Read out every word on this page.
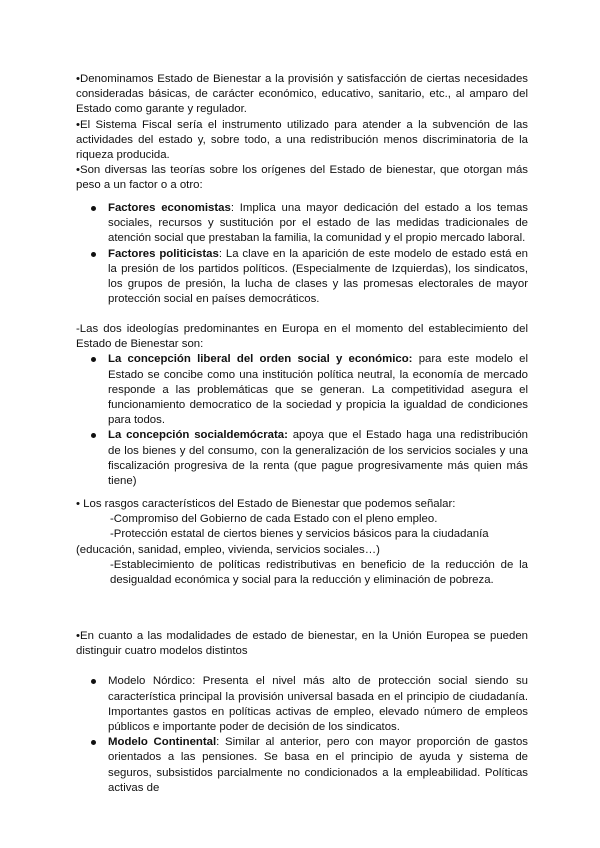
•Denominamos Estado de Bienestar a la provisión y satisfacción de ciertas necesidades consideradas básicas, de carácter económico, educativo, sanitario, etc., al amparo del Estado como garante y regulador.

•El Sistema Fiscal sería el instrumento utilizado para atender a la subvención de las actividades del estado y, sobre todo, a una redistribución menos discriminatoria de la riqueza producida.

•Son diversas las teorías sobre los orígenes del Estado de bienestar, que otorgan más peso a un factor o a otro:

Factores economistas: Implica una mayor dedicación del estado a los temas sociales, recursos y sustitución por el estado de las medidas tradicionales de atención social que prestaban la familia, la comunidad y el propio mercado laboral.
Factores politicistas: La clave en la aparición de este modelo de estado está en la presión de los partidos políticos. (Especialmente de Izquierdas), los sindicatos, los grupos de presión, la lucha de clases y las promesas electorales de mayor protección social en países democráticos.

-Las dos ideologías predominantes en Europa en el momento del establecimiento del Estado de Bienestar son:

La concepción liberal del orden social y económico: para este modelo el Estado se concibe como una institución política neutral, la economía de mercado responde a las problemáticas que se generan. La competitividad asegura el funcionamiento democratico de la sociedad y propicia la igualdad de condiciones para todos.
La concepción socialdemócrata: apoya que el Estado haga una redistribución de los bienes y del consumo, con la generalización de los servicios sociales y una fiscalización progresiva de la renta (que pague progresivamente más quien más tiene)

• Los rasgos característicos del Estado de Bienestar que podemos señalar:

-Compromiso del Gobierno de cada Estado con el pleno empleo.

-Protección estatal de ciertos bienes y servicios básicos para la ciudadanía

(educación, sanidad, empleo, vivienda, servicios sociales…)

-Establecimiento de políticas redistributivas en beneficio de la reducción de la desigualdad económica y social para la reducción y eliminación de pobreza.

•En cuanto a las modalidades de estado de bienestar, en la Unión Europea se pueden distinguir cuatro modelos distintos

Modelo Nórdico: Presenta el nivel más alto de protección social siendo su característica principal la provisión universal basada en el principio de ciudadanía. Importantes gastos en políticas activas de empleo, elevado número de empleos públicos e importante poder de decisión de los sindicatos.
Modelo Continental: Similar al anterior, pero con mayor proporción de gastos orientados a las pensiones. Se basa en el principio de ayuda y sistema de seguros, subsistidos parcialmente no condicionados a la empleabilidad. Políticas activas de
